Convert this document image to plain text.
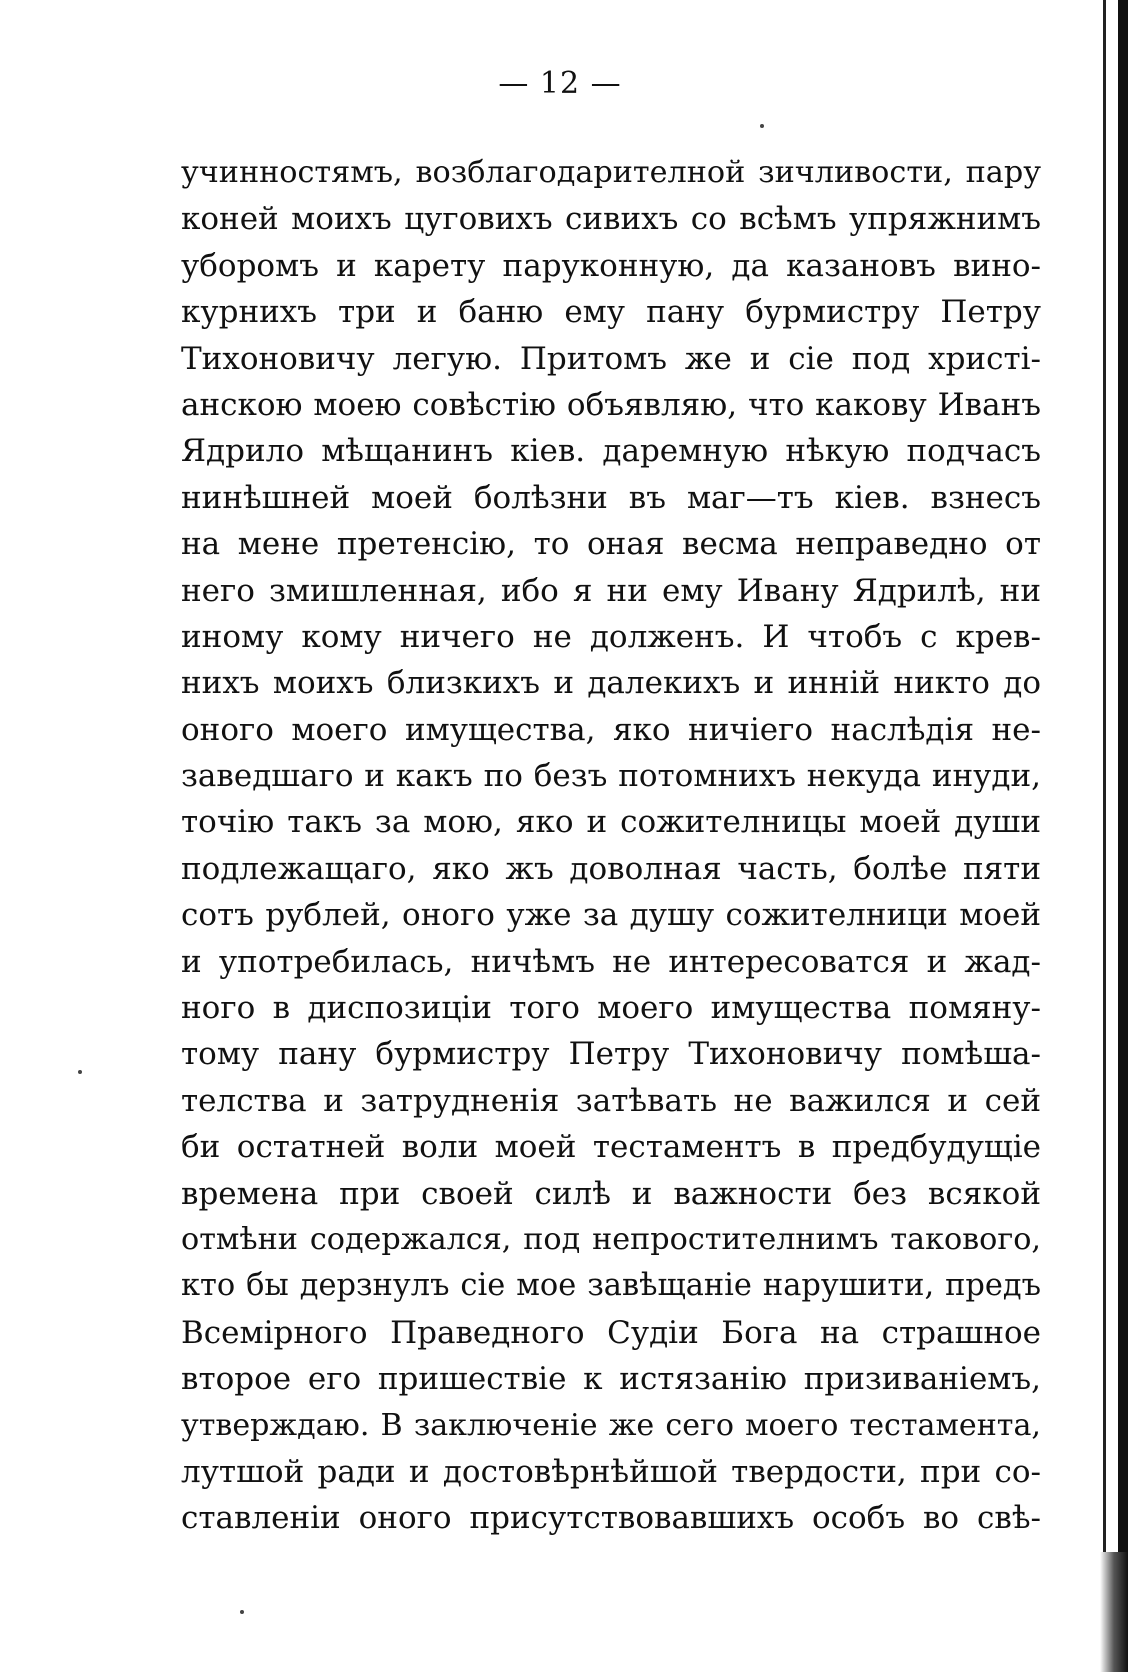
— 12 —
учинностямъ, возблагодарителной зичливости, пару
коней моихъ цуговихъ сивихъ со всѣмъ упряжнимъ
уборомъ и карету паруконную, да казановъ вино-
курнихъ три и баню ему пану бурмистру Петру
Тихоновичу легую. Притомъ же и сіе под христі-
анскою моею совѣстію объявляю, что какову Иванъ
Ядрило мѣщанинъ кіев. даремную нѣкую подчасъ
нинѣшней моей болѣзни въ маг—тъ кіев. взнесъ
на мене претенсію, то оная весма неправедно от
него змишленная, ибо я ни ему Ивану Ядрилѣ, ни
иному кому ничего не долженъ. И чтобъ с крев-
нихъ моихъ близкихъ и далекихъ и инній никто до
оного моего имущества, яко ничіего наслѣдія не-
заведшаго и какъ по безъ потомнихъ некуда инуди,
точію такъ за мою, яко и сожителницы моей души
подлежащаго, яко жъ доволная часть, болѣе пяти
сотъ рублей, оного уже за душу сожителници моей
и употребилась, ничѣмъ не интересоватся и жад-
ного в диспозиціи того моего имущества помяну-
тому пану бурмистру Петру Тихоновичу помѣша-
телства и затрудненія затѣвать не важился и сей
би остатней воли моей тестаментъ в предбудущіе
времена при своей силѣ и важности без всякой
отмѣни содержался, под непростителнимъ таковогo,
кто бы дерзнулъ сіе мое завѣщаніе нарушити, предъ
Всемірного Праведного Судіи Бога на страшное
второе его пришествіе к истязанію призиваніемъ,
утверждаю. В заключеніе же сего моего тестамента,
лутшой ради и достовѣрнѣйшой твердости, при со-
ставленіи оного присутствовавшихъ особъ во свѣ-
